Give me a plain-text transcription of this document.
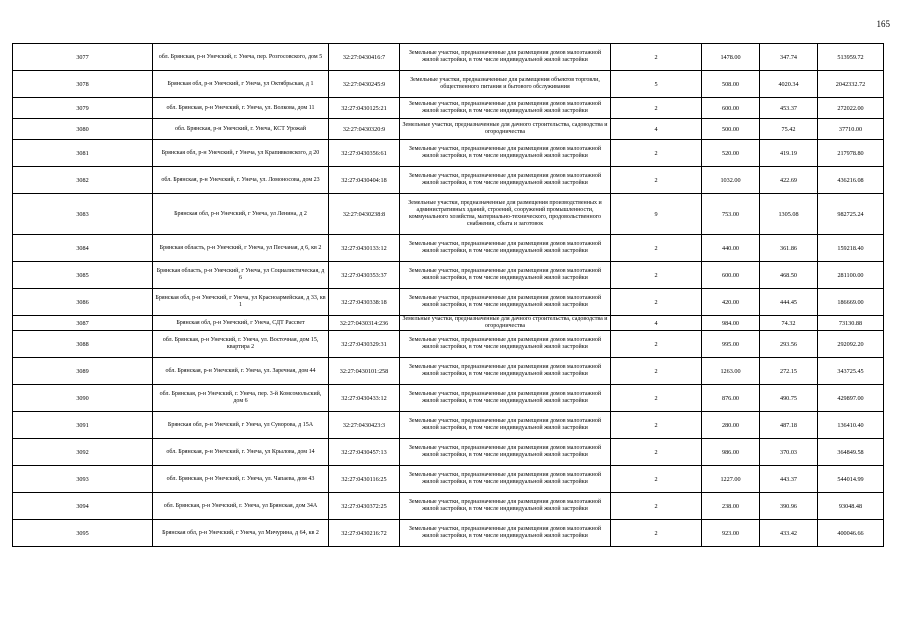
165
3077	обл. Брянская, р-н Унечский, г. Унеча, пер. Розгосовского, дом 5	32:27:0430416:7	Земельные участки, предназначенные для размещения домов малоэтажной жилой застройки, в том числе индивидуальной жилой застройки	2	1478.00	347.74	513959.72
3078	Брянская обл, р-н Унечский, г Унеча, ул Октябрьская, д 1	32:27:0430245:9	Земельные участки, предназначенные для размещения объектов торговли, общественного питания и бытового обслуживания	5	508.00	4020.34	2042332.72
3079	обл. Брянская, р-н Унечский, г. Унеча, ул. Волкова, дом 11	32:27:0430125:21	Земельные участки, предназначенные для размещения домов малоэтажной жилой застройки, в том числе индивидуальной жилой застройки	2	600.00	453.37	272022.00
3080	обл. Брянская, р-н Унечский, г. Унеча, КСТ Урожай	32:27:0430320:9	Земельные участки, предназначенные для дачного строительства, садоводства и огородничества	4	500.00	75.42	37710.00
3081	Брянская обл, р-н Унечский, г Унеча, ул Крапивковского, д 20	32:27:0430356:61	Земельные участки, предназначенные для размещения домов малоэтажной жилой застройки, в том числе индивидуальной жилой застройки	2	520.00	419.19	217978.80
3082	обл. Брянская, р-н Унечский, г. Унеча, ул. Ломоносова, дом 23	32:27:0430404:18	Земельные участки, предназначенные для размещения домов малоэтажной жилой застройки, в том числе индивидуальной жилой застройки	2	1032.00	422.69	436216.08
3083	Брянская обл, р-н Унечский, г Унеча, ул Ленина, д 2	32:27:0430238:8	Земельные участки, предназначенные для размещения производственных и административных зданий, строений, сооружений промышленности, коммунального хозяйства, материально-технического, продовольственного снабжения, сбыта и заготовок	9	753.00	1305.08	982725.24
3084	Брянская область, р-н Унечский, г Унеча, ул Песчаная, д 6, кв 2	32:27:0430133:12	Земельные участки, предназначенные для размещения домов малоэтажной жилой застройки, в том числе индивидуальной жилой застройки	2	440.00	361.86	159218.40
3085	Брянская область, р-н Унечский, г Унеча, ул Социалистическая, д 6	32:27:0430353:37	Земельные участки, предназначенные для размещения домов малоэтажной жилой застройки, в том числе индивидуальной жилой застройки	2	600.00	468.50	281100.00
3086	Брянская обл, р-н Унечский, г Унеча, ул Красноармейская, д 33, кв 1	32:27:0430338:18	Земельные участки, предназначенные для размещения домов малоэтажной жилой застройки, в том числе индивидуальной жилой застройки	2	420.00	444.45	186669.00
3087	Брянская обл, р-н Унечский, г Унеча, СДТ Рассвет	32:27:0430314:236	Земельные участки, предназначенные для дачного строительства, садоводства и огородничества	4	984.00	74.32	73130.88
3088	обл. Брянская, р-н Унечский, г. Унеча, ул. Восточная, дом 15, квартира 2	32:27:0430329:31	Земельные участки, предназначенные для размещения домов малоэтажной жилой застройки, в том числе индивидуальной жилой застройки	2	995.00	293.56	292092.20
3089	обл. Брянская, р-н Унечский, г. Унеча, ул. Заречная, дом 44	32:27:0430101:258	Земельные участки, предназначенные для размещения домов малоэтажной жилой застройки, в том числе индивидуальной жилой застройки	2	1263.00	272.15	343725.45
3090	обл. Брянская, р-н Унечский, г. Унеча, пер. 3-й Комсомольский, дом 6	32:27:0430433:12	Земельные участки, предназначенные для размещения домов малоэтажной жилой застройки, в том числе индивидуальной жилой застройки	2	876.00	490.75	429897.00
3091	Брянская обл, р-н Унечский, г Унеча, ул Суворова, д 15А	32:27:0430423:3	Земельные участки, предназначенные для размещения домов малоэтажной жилой застройки, в том числе индивидуальной жилой застройки	2	280.00	487.18	136410.40
3092	обл. Брянская, р-н Унечский, г. Унеча, ул Крылова, дом 14	32:27:0430457:13	Земельные участки, предназначенные для размещения домов малоэтажной жилой застройки, в том числе индивидуальной жилой застройки	2	986.00	370.03	364849.58
3093	обл. Брянская, р-н Унечский, г. Унеча, ул. Чапаева, дом 43	32:27:0430116:25	Земельные участки, предназначенные для размещения домов малоэтажной жилой застройки, в том числе индивидуальной жилой застройки	2	1227.00	443.37	544014.99
3094	обл. Брянская, р-н Унечский, г. Унеча, ул Брянская, дом 34А	32:27:0430372:25	Земельные участки, предназначенные для размещения домов малоэтажной жилой застройки, в том числе индивидуальной жилой застройки	2	238.00	390.96	93048.48
3095	Брянская обл, р-н Унечский, г Унеча, ул Мичурина, д 64, кв 2	32:27:0430216:72	Земельные участки, предназначенные для размещения домов малоэтажной жилой застройки, в том числе индивидуальной жилой застройки	2	923.00	433.42	400046.66
